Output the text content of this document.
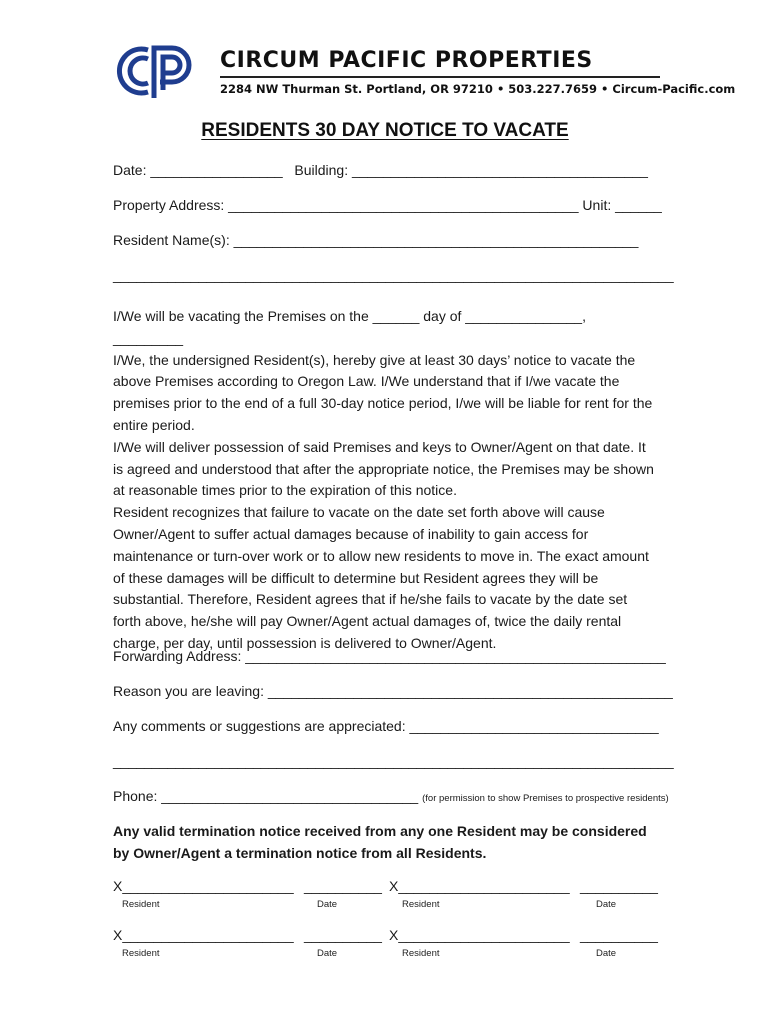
CIRCUM PACIFIC PROPERTIES
2284 NW Thurman St. Portland, OR 97210 • 503.227.7659 • Circum-Pacific.com
RESIDENTS 30 DAY NOTICE TO VACATE
Date: _________________ Building: ______________________________________
Property Address: _____________________________________________ Unit: ______
Resident Name(s): ____________________________________________________
________________________________________________________________________

I/We will be vacating the Premises on the ______ day of _______________, _________

I/We, the undersigned Resident(s), hereby give at least 30 days’ notice to vacate the above Premises according to Oregon Law. I/We understand that if I/we vacate the premises prior to the end of a full 30-day notice period, I/we will be liable for rent for the entire period.

I/We will deliver possession of said Premises and keys to Owner/Agent on that date. It is agreed and understood that after the appropriate notice, the Premises may be shown at reasonable times prior to the expiration of this notice.

Resident recognizes that failure to vacate on the date set forth above will cause Owner/Agent to suffer actual damages because of inability to gain access for maintenance or turn-over work or to allow new residents to move in. The exact amount of these damages will be difficult to determine but Resident agrees they will be substantial. Therefore, Resident agrees that if he/she fails to vacate by the date set forth above, he/she will pay Owner/Agent actual damages of, twice the daily rental charge, per day, until possession is delivered to Owner/Agent.

Forwarding Address: ______________________________________________________
Reason you are leaving: ____________________________________________________
Any comments or suggestions are appreciated: ________________________________
________________________________________________________________________
Phone: _________________________________ (for permission to show Premises to prospective residents)
Any valid termination notice received from any one Resident may be considered by Owner/Agent a termination notice from all Residents.
X______________________ __________ X______________________ __________
Resident	Date	Resident	Date
X______________________ __________ X______________________ __________
Resident	Date	Resident	Date
